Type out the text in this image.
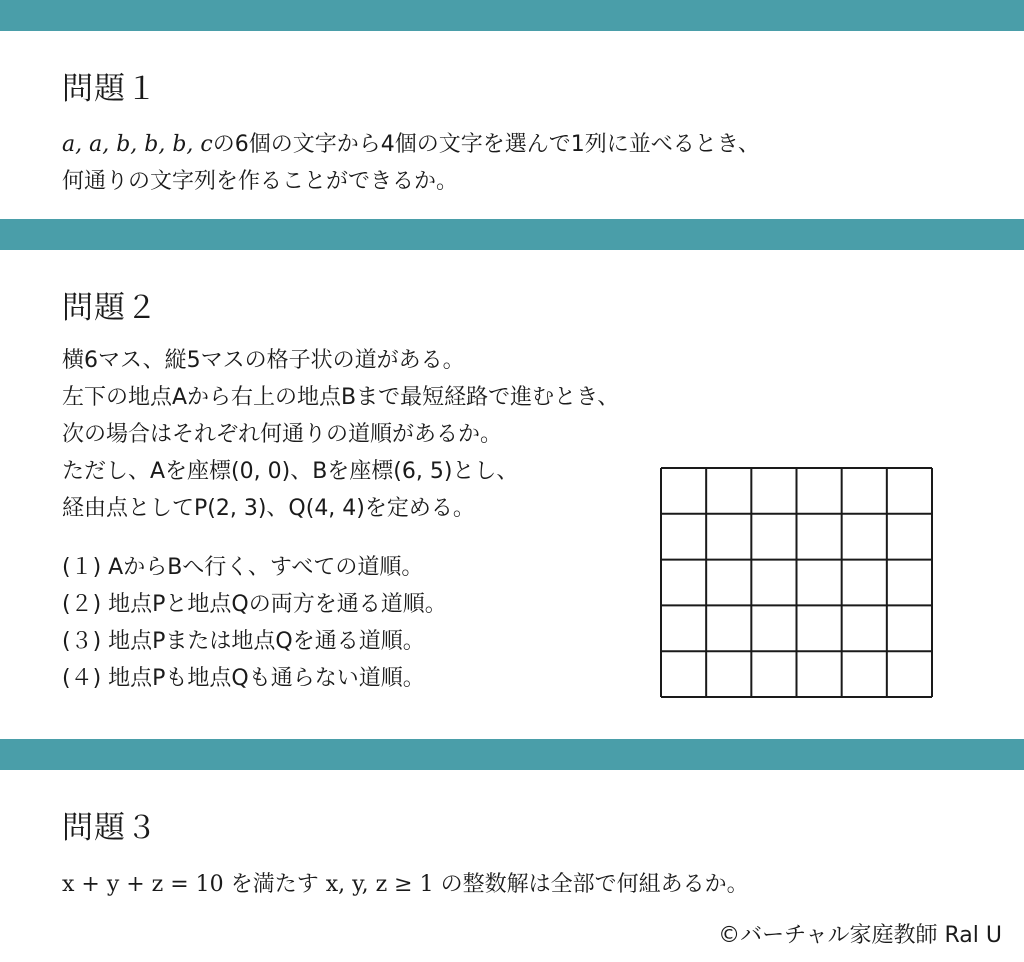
問題１
a, a, b, b, b, cの6個の文字から4個の文字を選んで1列に並べるとき、
何通りの文字列を作ることができるか。
問題２
横6マス、縦5マスの格子状の道がある。
左下の地点Aから右上の地点Bまで最短経路で進むとき、
次の場合はそれぞれ何通りの道順があるか。
ただし、Aを座標(0, 0)、Bを座標(6, 5)とし、
経由点としてP(2, 3)、Q(4, 4)を定める。
(１) AからBへ行く、すべての道順。
(２) 地点Pと地点Qの両方を通る道順。
(３) 地点Pまたは地点Qを通る道順。
(４) 地点Pも地点Qも通らない道順。
問題３
x + y + z = 10 を満たす x, y, z ≥ 1 の整数解は全部で何組あるか。
©バーチャル家庭教師 Ral U
